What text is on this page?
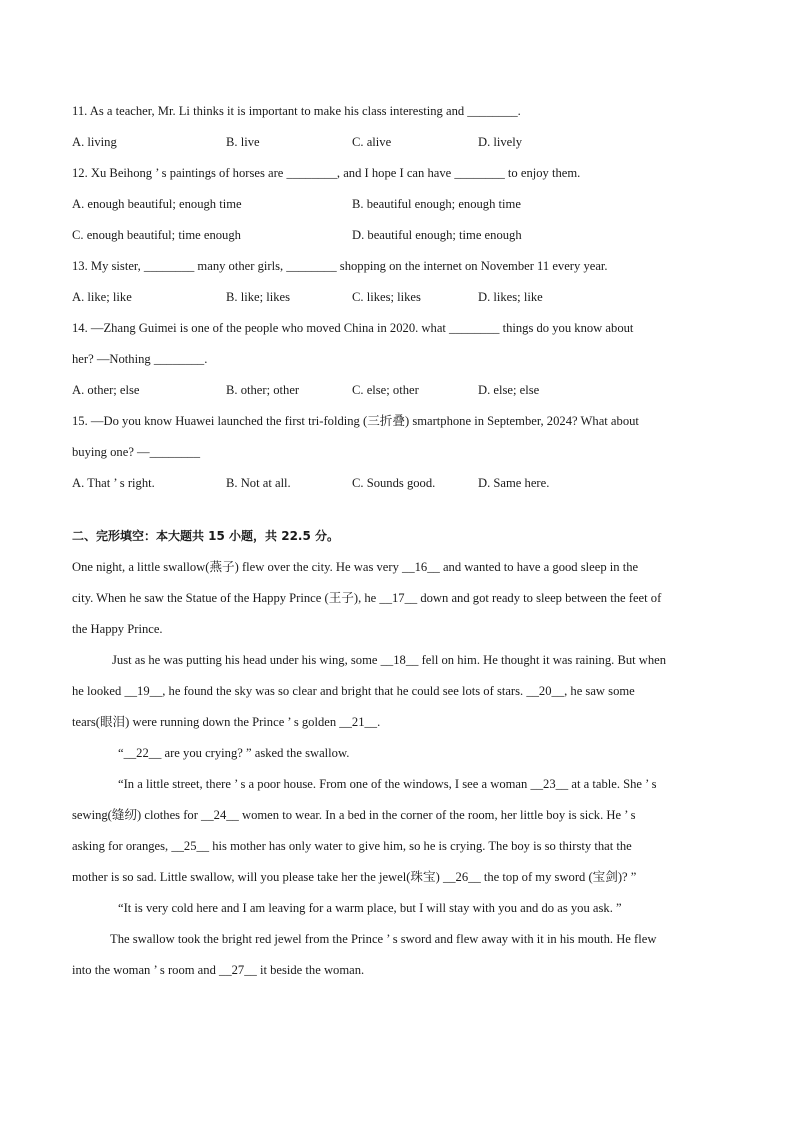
11. As a teacher, Mr. Li thinks it is important to make his class interesting and ________.
A. living	B. live	C. alive	D. lively
12. Xu Beihong ’ s paintings of horses are ________, and I hope I can have ________ to enjoy them.
A. enough beautiful; enough time	B. beautiful enough; enough time
C. enough beautiful; time enough	D. beautiful enough; time enough
13. My sister, ________ many other girls, ________ shopping on the internet on November 11 every year.
A. like; like	B. like; likes	C. likes; likes	D. likes; like
14. —Zhang Guimei is one of the people who moved China in 2020. what ________ things do you know about
her? —Nothing ________.
A. other; else	B. other; other	C. else; other	D. else; else
15. —Do you know Huawei launched the first tri-folding (三折叠) smartphone in September, 2024? What about
buying one? —________
A. That ’ s right.	B. Not at all.	C. Sounds good.	D. Same here.
二、完形填空：本大题共 15 小题，共 22.5 分。
One night, a little swallow(燕子) flew over the city. He was very __16__ and wanted to have a good sleep in the
city. When he saw the Statue of the Happy Prince (王子), he __17__ down and got ready to sleep between the feet of
the Happy Prince.
Just as he was putting his head under his wing, some __18__ fell on him. He thought it was raining. But when
he looked __19__, he found the sky was so clear and bright that he could see lots of stars. __20__, he saw some
tears(眼泪) were running down the Prince ’ s golden __21__.
“__22__ are you crying? ” asked the swallow.
“In a little street, there ’ s a poor house. From one of the windows, I see a woman __23__ at a table. She ’ s
sewing(缝纫) clothes for __24__ women to wear. In a bed in the corner of the room, her little boy is sick. He ’ s
asking for oranges, __25__ his mother has only water to give him, so he is crying. The boy is so thirsty that the
mother is so sad. Little swallow, will you please take her the jewel(珠宝) __26__ the top of my sword (宝剑)? ”
“It is very cold here and I am leaving for a warm place, but I will stay with you and do as you ask. ”
The swallow took the bright red jewel from the Prince ’ s sword and flew away with it in his mouth. He flew
into the woman ’ s room and __27__ it beside the woman.
